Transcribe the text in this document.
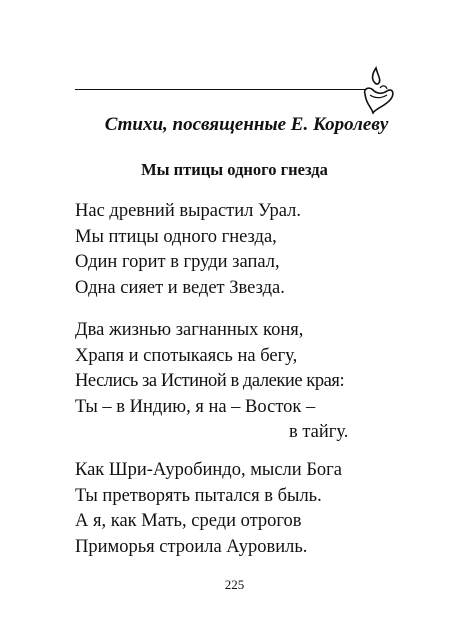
Стихи, посвященные Е. Королеву
Мы птицы одного гнезда
Нас древний вырастил Урал.
Мы птицы одного гнезда,
Один горит в груди запал,
Одна сияет и ведет Звезда.
Два жизнью загнанных коня,
Храпя и спотыкаясь на бегу,
Неслись за Истиной в далекие края:
Ты – в Индию, я на – Восток –
в тайгу.
Как Шри-Ауробиндо, мысли Бога
Ты претворять пытался в быль.
А я, как Мать, среди отрогов
Приморья строила Ауровиль.
225
